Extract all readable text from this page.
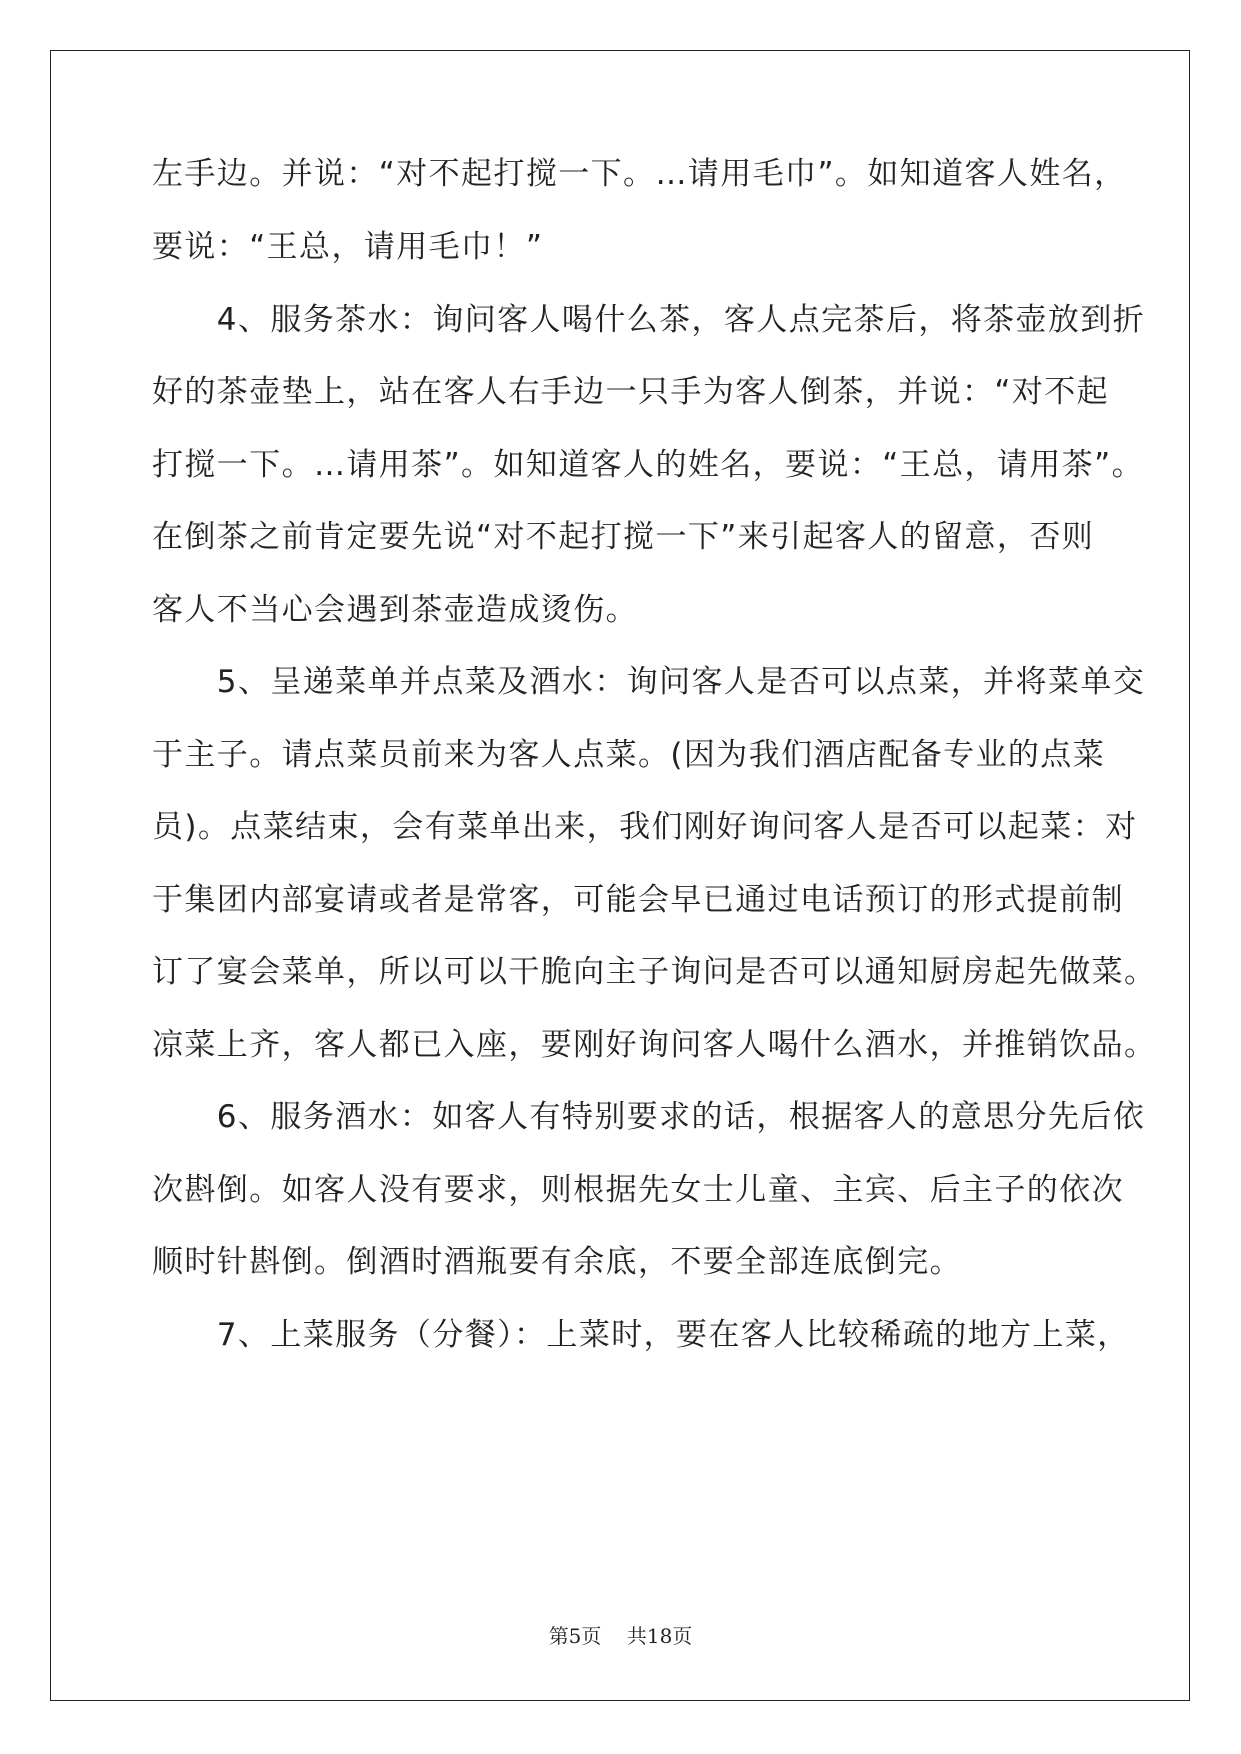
左手边。并说：“对不起打搅一下。…请用毛巾”。如知道客人姓名，
要说：“王总，请用毛巾！”
　　4、服务茶水：询问客人喝什么茶，客人点完茶后，将茶壶放到折
好的茶壶垫上，站在客人右手边一只手为客人倒茶，并说：“对不起
打搅一下。…请用茶”。如知道客人的姓名，要说：“王总，请用茶”。
在倒茶之前肯定要先说“对不起打搅一下”来引起客人的留意，否则
客人不当心会遇到茶壶造成烫伤。
　　5、呈递菜单并点菜及酒水：询问客人是否可以点菜，并将菜单交
于主子。请点菜员前来为客人点菜。(因为我们酒店配备专业的点菜
员)。点菜结束，会有菜单出来，我们刚好询问客人是否可以起菜：对
于集团内部宴请或者是常客，可能会早已通过电话预订的形式提前制
订了宴会菜单，所以可以干脆向主子询问是否可以通知厨房起先做菜。
凉菜上齐，客人都已入座，要刚好询问客人喝什么酒水，并推销饮品。
　　6、服务酒水：如客人有特别要求的话，根据客人的意思分先后依
次斟倒。如客人没有要求，则根据先女士儿童、主宾、后主子的依次
顺时针斟倒。倒酒时酒瓶要有余底，不要全部连底倒完。
　　7、上菜服务（分餐）：上菜时，要在客人比较稀疏的地方上菜，
第5页 共18页
